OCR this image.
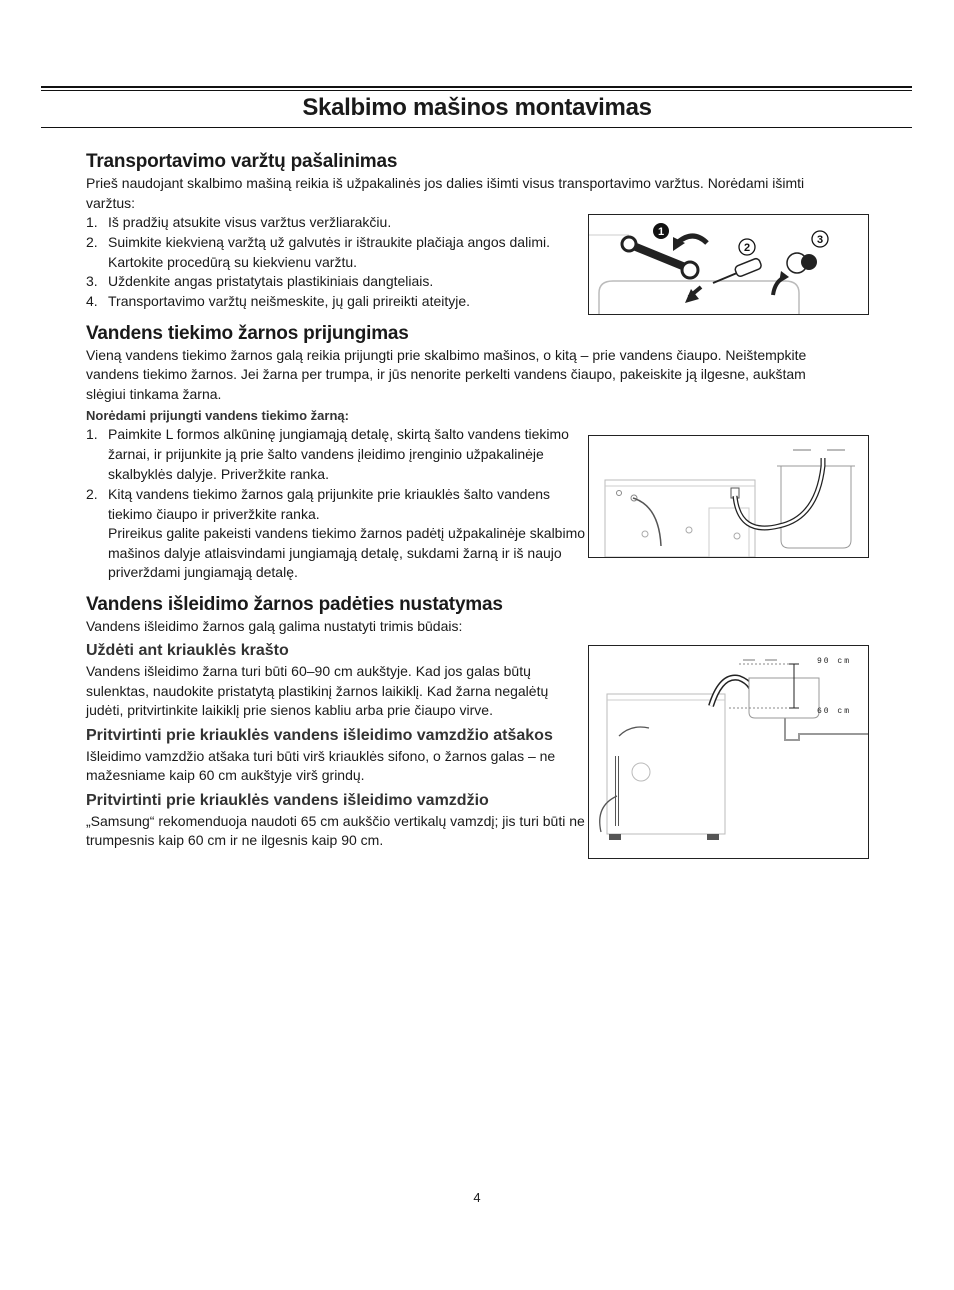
Skalbimo mašinos montavimas
Transportavimo varžtų pašalinimas

Prieš naudojant skalbimo mašiną reikia iš užpakalinės jos dalies išimti visus transportavimo varžtus. Norėdami išimti varžtus:

1. Iš pradžių atsukite visus varžtus veržliarakčiu.
2. Suimkite kiekvieną varžtą už galvutės ir ištraukite plačiąja angos dalimi. Kartokite procedūrą su kiekvienu varžtu.
3. Uždenkite angas pristatytais plastikiniais dangteliais.
4. Transportavimo varžtų neišmeskite, jų gali prireikti ateityje.
Vandens tiekimo žarnos prijungimas

Vieną vandens tiekimo žarnos galą reikia prijungti prie skalbimo mašinos, o kitą – prie vandens čiaupo. Neištempkite vandens tiekimo žarnos. Jei žarna per trumpa, ir jūs nenorite perkelti vandens čiaupo, pakeiskite ją ilgesne, aukštam slėgiui tinkama žarna.

Norėdami prijungti vandens tiekimo žarną:

1. Paimkite L formos alkūninę jungiamąją detalę, skirtą šalto vandens tiekimo žarnai, ir prijunkite ją prie šalto vandens įleidimo įrenginio užpakalinėje skalbyklės dalyje. Priveržkite ranka.
2. Kitą vandens tiekimo žarnos galą prijunkite prie kriauklės šalto vandens tiekimo čiaupo ir priveržkite ranka.

Prireikus galite pakeisti vandens tiekimo žarnos padėtį užpakalinėje skalbimo mašinos dalyje atlaisvindami jungiamąją detalę, sukdami žarną ir iš naujo priverždami jungiamąją detalę.

Vandens išleidimo žarnos padėties nustatymas

Vandens išleidimo žarnos galą galima nustatyti trimis būdais:

Uždėti ant kriauklės krašto

Vandens išleidimo žarna turi būti 60–90 cm aukštyje. Kad jos galas būtų sulenktas, naudokite pristatytą plastikinį žarnos laikiklį. Kad žarna negalėtų judėti, pritvirtinkite laikiklį prie sienos kabliu arba prie čiaupo virve.

Pritvirtinti prie kriauklės vandens išleidimo vamzdžio atšakos

Išleidimo vamzdžio atšaka turi būti virš kriauklės sifono, o žarnos galas – ne mažesniame kaip 60 cm aukštyje virš grindų.

Pritvirtinti prie kriauklės vandens išleidimo vamzdžio

„Samsung“ rekomenduoja naudoti 65 cm aukščio vertikalų vamzdį; jis turi būti ne trumpesnis kaip 60 cm ir ne ilgesnis kaip 90 cm.

1
2
3
90 cm
60 cm
4
